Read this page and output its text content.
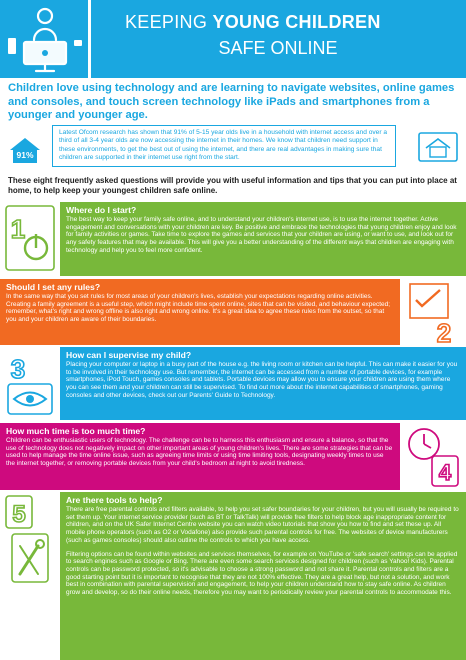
KEEPING YOUNG CHILDREN
SAFE ONLINE
Children love using technology and are learning to navigate websites, online games and consoles, and touch screen technology like iPads and smartphones from a younger and younger age.
91%
Latest Ofcom research has shown that 91% of 5-15 year olds live in a household with internet access and over a third of all 3-4 year olds are now accessing the internet in their homes. We know that children need support in these environments, to get the best out of using the internet, and there are real advantages in making sure that children are supported in their internet use right from the start.
These eight frequently asked questions will provide you with useful information and tips that you can put into place at home, to help keep your youngest children safe online.
1
Where do I start?
The best way to keep your family safe online, and to understand your children's internet use, is to use the internet together. Active engagement and conversations with your children are key. Be positive and embrace the technologies that young children enjoy and look for family activities or games. Take time to explore the games and services that your children are using, or want to use, and look out for any safety features that may be available. This will give you a better understanding of the different ways that children are engaging with technology and help you to feel more confident.
Should I set any rules?
In the same way that you set rules for most areas of your children's lives, establish your expectations regarding online activities. Creating a family agreement is a useful step, which might include time spent online, sites that can be visited, and behaviour expected; remember, what's right and wrong offline is also right and wrong online. It's a great idea to agree these rules from the outset, so that you and your children are aware of their boundaries.	2
3	How can I supervise my child?
Placing your computer or laptop in a busy part of the house e.g. the living room or kitchen can be helpful. This can make it easier for you to be involved in their technology use. But remember, the internet can be accessed from a number of portable devices, for example smartphones, iPod Touch, games consoles and tablets. Portable devices may allow you to ensure your children are using them where you can see them and your children can still be supervised. To find out more about the internet capabilities of smartphones, gaming consoles and other devices, check out our Parents' Guide to Technology.
How much time is too much time?
Children can be enthusiastic users of technology. The challenge can be to harness this enthusiasm and ensure a balance, so that the use of technology does not negatively impact on other important areas of young children's lives. There are some strategies that can be used to help manage the time online issue, such as agreeing time limits or using time limiting tools, designating weekly times to use the internet together, or removing portable devices from your child's bedroom at night to avoid tiredness.	4
5
Are there tools to help?

There are free parental controls and filters available, to help you set safer boundaries for your children, but you will usually be required to set them up. Your internet service provider (such as BT or TalkTalk) will provide free filters to help block age inappropriate content for children, and on the UK Safer Internet Centre website you can watch video tutorials that show you how to find and set these up. All mobile phone operators (such as O2 or Vodafone) also provide such parental controls for free. The websites of device manufacturers (such as games consoles) should also outline the controls to which you have access.

Filtering options can be found within websites and services themselves, for example on YouTube or 'safe search' settings can be applied to search engines such as Google or Bing. There are even some search services designed for children (such as Yahoo! Kids). Parental controls can be password protected, so it's advisable to choose a strong password and not share it. Parental controls and filters are a good starting point but it is important to recognise that they are not 100% effective. They are a great help, but not a solution, and work best in combination with parental supervision and engagement, to help your children understand how to stay safe online. As children grow and develop, so do their online needs, therefore you may want to periodically review your parental controls to accommodate this.
